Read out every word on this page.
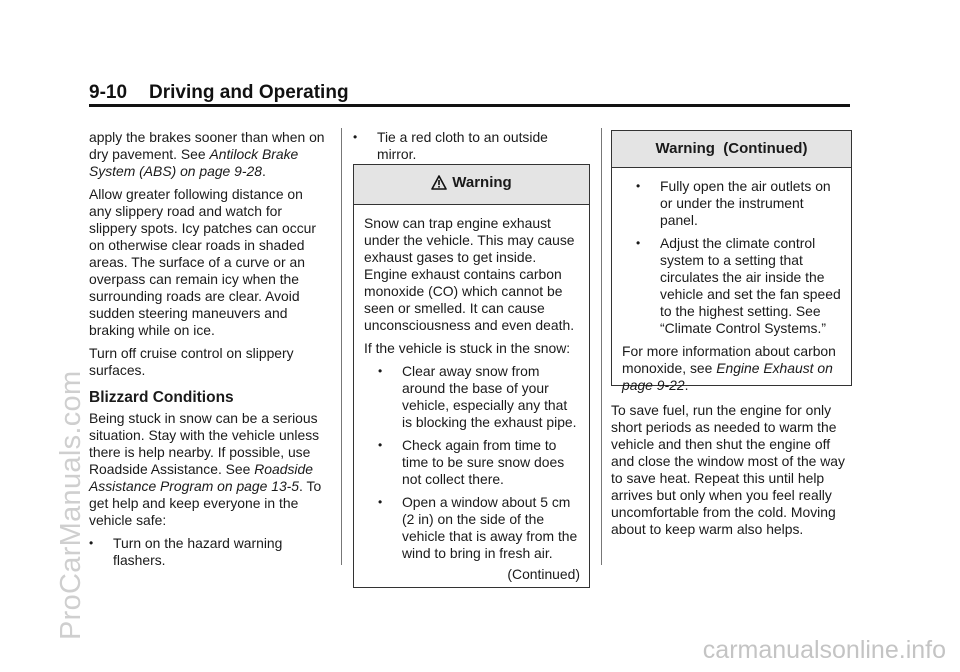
9-10 Driving and Operating

apply the brakes sooner than when on dry pavement. See Antilock Brake System (ABS) on page 9-28.

Allow greater following distance on any slippery road and watch for slippery spots. Icy patches can occur on otherwise clear roads in shaded areas. The surface of a curve or an overpass can remain icy when the surrounding roads are clear. Avoid sudden steering maneuvers and braking while on ice.

Turn off cruise control on slippery surfaces.

Blizzard Conditions

Being stuck in snow can be a serious situation. Stay with the vehicle unless there is help nearby. If possible, use Roadside Assistance. See Roadside Assistance Program on page 13-5. To get help and keep everyone in the vehicle safe:

• Turn on the hazard warning flashers.
• Tie a red cloth to an outside mirror.
Warning

Snow can trap engine exhaust under the vehicle. This may cause exhaust gases to get inside. Engine exhaust contains carbon monoxide (CO) which cannot be seen or smelled. It can cause unconsciousness and even death.

If the vehicle is stuck in the snow:

• Clear away snow from around the base of your vehicle, especially any that is blocking the exhaust pipe.
• Check again from time to time to be sure snow does not collect there.
• Open a window about 5 cm (2 in) on the side of the vehicle that is away from the wind to bring in fresh air.
(Continued)
Warning  (Continued)
• Fully open the air outlets on or under the instrument panel.
• Adjust the climate control system to a setting that circulates the air inside the vehicle and set the fan speed to the highest setting. See “Climate Control Systems.”

For more information about carbon monoxide, see Engine Exhaust on page 9-22.

To save fuel, run the engine for only short periods as needed to warm the vehicle and then shut the engine off and close the window most of the way to save heat. Repeat this until help arrives but only when you feel really uncomfortable from the cold. Moving about to keep warm also helps.

ProCarManuals.com
carmanualsonline.info
